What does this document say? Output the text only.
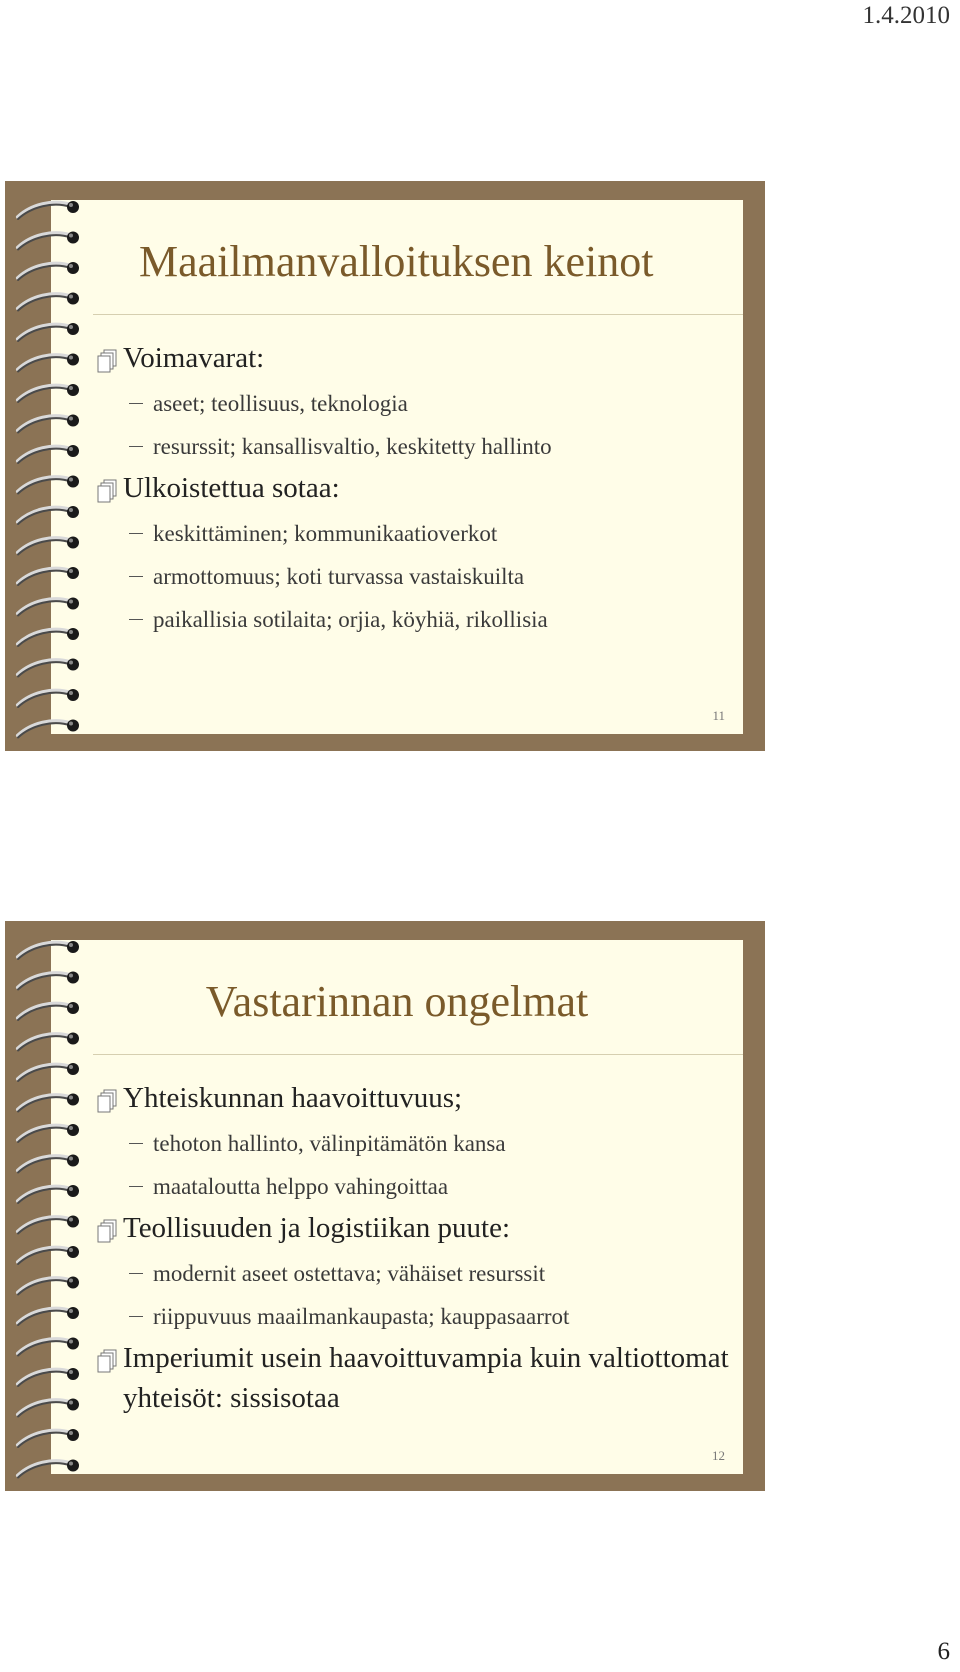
1.4.2010
Maailmanvalloituksen keinot
Voimavarat:
aseet; teollisuus, teknologia
resurssit; kansallisvaltio, keskitetty hallinto
Ulkoistettua sotaa:
keskittäminen; kommunikaatioverkot
armottomuus; koti turvassa vastaiskuilta
paikallisia sotilaita; orjia, köyhiä, rikollisia
11
Vastarinnan ongelmat
Yhteiskunnan haavoittuvuus;
tehoton hallinto, välinpitämätön kansa
maataloutta helppo vahingoittaa
Teollisuuden ja logistiikan puute:
modernit aseet ostettava; vähäiset resurssit
riippuvuus maailmankaupasta; kauppasaarrot
Imperiumit usein haavoittuvampia kuin valtiottomat yhteisöt: sissisotaa
12
6
